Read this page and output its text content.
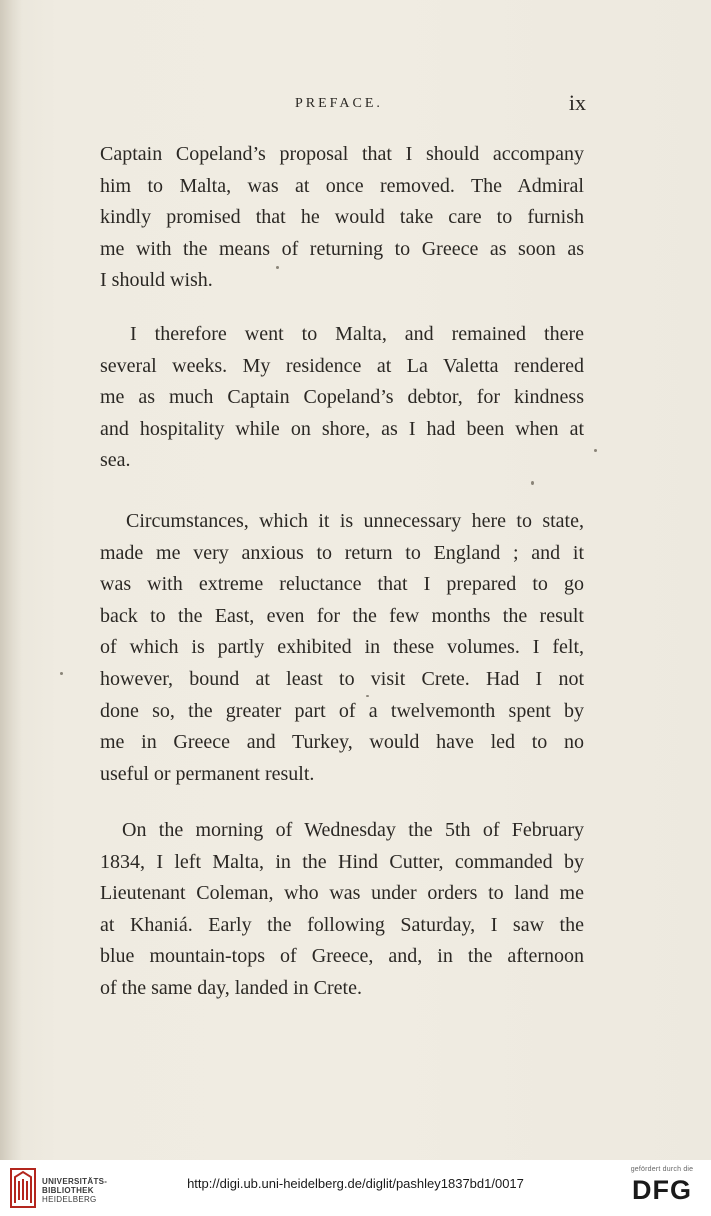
PREFACE.	ix

Captain Copeland’s proposal that I should accompany
him to Malta, was at once removed. The Admiral
kindly promised that he would take care to furnish
me with the means of returning to Greece as soon as
I should wish.

I therefore went to Malta, and remained there
several weeks. My residence at La Valetta rendered
me as much Captain Copeland’s debtor, for kindness
and hospitality while on shore, as I had been when at
sea.

Circumstances, which it is unnecessary here to state,
made me very anxious to return to England ; and it
was with extreme reluctance that I prepared to go
back to the East, even for the few months the result
of which is partly exhibited in these volumes. I felt,
however, bound at least to visit Crete. Had I not
done so, the greater part of a twelvemonth spent by
me in Greece and Turkey, would have led to no
useful or permanent result.

On the morning of Wednesday the 5th of February
1834, I left Malta, in the Hind Cutter, commanded by
Lieutenant Coleman, who was under orders to land me
at Khaniá. Early the following Saturday, I saw the
blue mountain-tops of Greece, and, in the afternoon
of the same day, landed in Crete.

UNIVERSITÄTS-
BIBLIOTHEK
HEIDELBERG

http://digi.ub.uni-heidelberg.de/diglit/pashley1837bd1/0017
gefördert durch die
DFG
